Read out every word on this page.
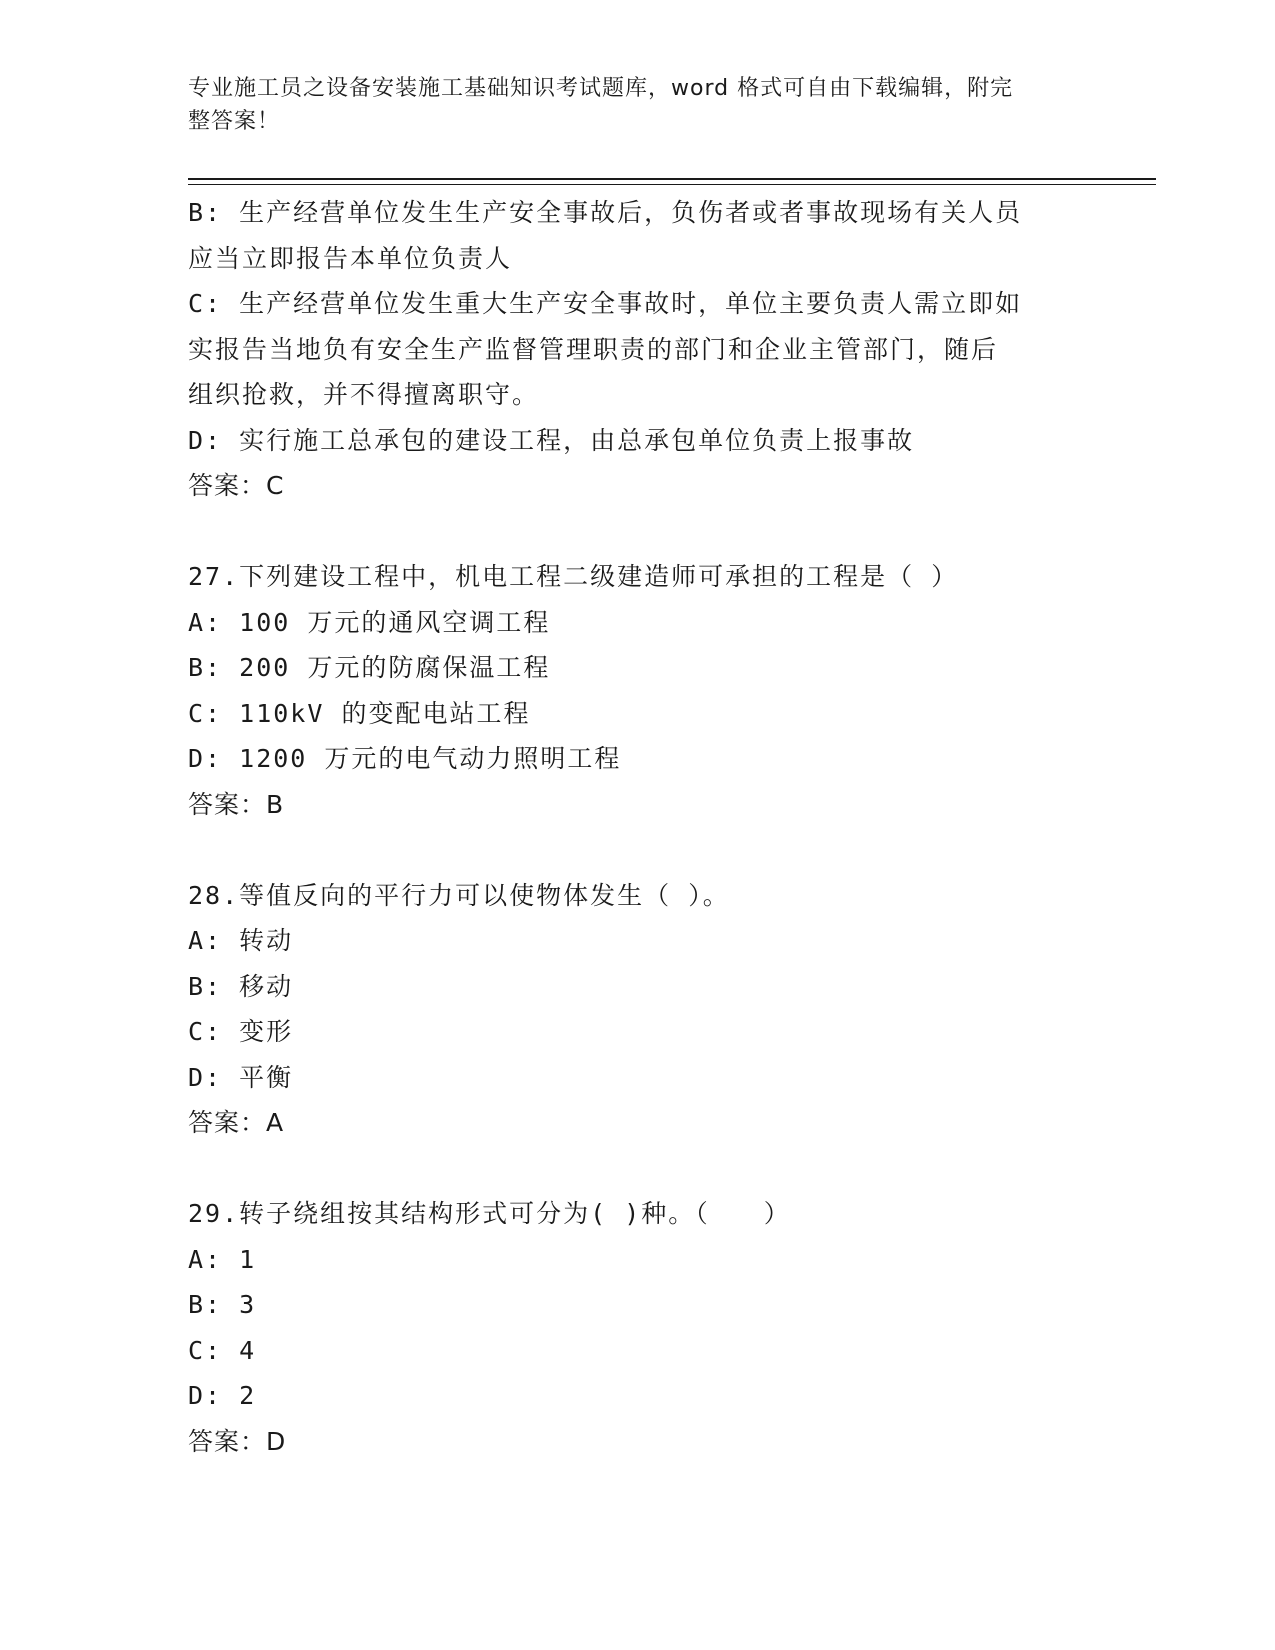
专业施工员之设备安装施工基础知识考试题库，word 格式可自由下载编辑，附完
整答案！
B: 生产经营单位发生生产安全事故后，负伤者或者事故现场有关人员
应当立即报告本单位负责人
C: 生产经营单位发生重大生产安全事故时，单位主要负责人需立即如
实报告当地负有安全生产监督管理职责的部门和企业主管部门，随后
组织抢救，并不得擅离职守。
D: 实行施工总承包的建设工程，由总承包单位负责上报事故
答案：C
27.下列建设工程中，机电工程二级建造师可承担的工程是（ ）
A: 100 万元的通风空调工程
B: 200 万元的防腐保温工程
C: 110kV 的变配电站工程
D: 1200 万元的电气动力照明工程
答案：B
28.等值反向的平行力可以使物体发生（ ）。
A: 转动
B: 移动
C: 变形
D: 平衡
答案：A
29.转子绕组按其结构形式可分为( )种。（　　）
A: 1
B: 3
C: 4
D: 2
答案：D
